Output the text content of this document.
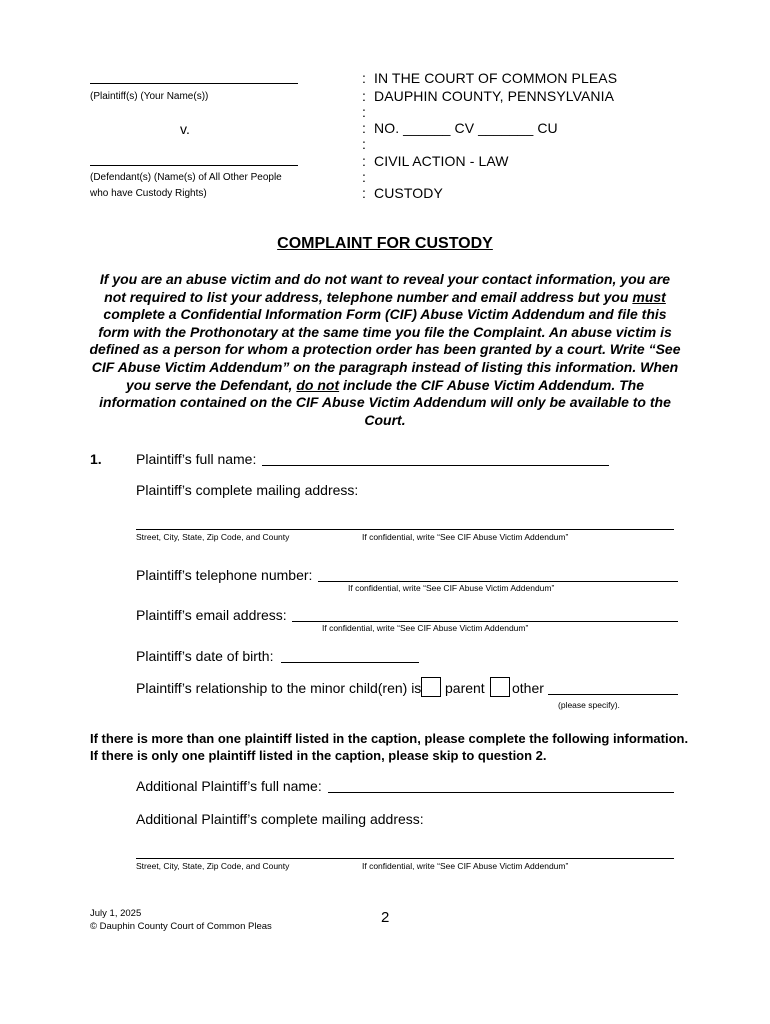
(Plaintiff(s) (Your Name(s))
v.
(Defendant(s) (Name(s) of All Other People
who have Custody Rights)
:
:
:
:
:
:
:
:
IN THE COURT OF COMMON PLEAS
DAUPHIN COUNTY, PENNSYLVANIA
NO. ______ CV _______ CU
CIVIL ACTION - LAW
CUSTODY
COMPLAINT FOR CUSTODY
If you are an abuse victim and do not want to reveal your contact information, you are not required to list your address, telephone number and email address but you must complete a Confidential Information Form (CIF) Abuse Victim Addendum and file this form with the Prothonotary at the same time you file the Complaint. An abuse victim is defined as a person for whom a protection order has been granted by a court. Write “See CIF Abuse Victim Addendum” on the paragraph instead of listing this information. When you serve the Defendant, do not include the CIF Abuse Victim Addendum. The information contained on the CIF Abuse Victim Addendum will only be available to the Court.
1. Plaintiff’s full name:
Plaintiff’s complete mailing address:
Street, City, State, Zip Code, and County	If confidential, write “See CIF Abuse Victim Addendum”
Plaintiff’s telephone number:
If confidential, write “See CIF Abuse Victim Addendum”
Plaintiff’s email address:
If confidential, write “See CIF Abuse Victim Addendum”
Plaintiff’s date of birth:
Plaintiff’s relationship to the minor child(ren) is parent other
(please specify).
If there is more than one plaintiff listed in the caption, please complete the following information. If there is only one plaintiff listed in the caption, please skip to question 2.
Additional Plaintiff’s full name:
Additional Plaintiff’s complete mailing address:
Street, City, State, Zip Code, and County	If confidential, write “See CIF Abuse Victim Addendum”
July 1, 2025
© Dauphin County Court of Common Pleas
2
